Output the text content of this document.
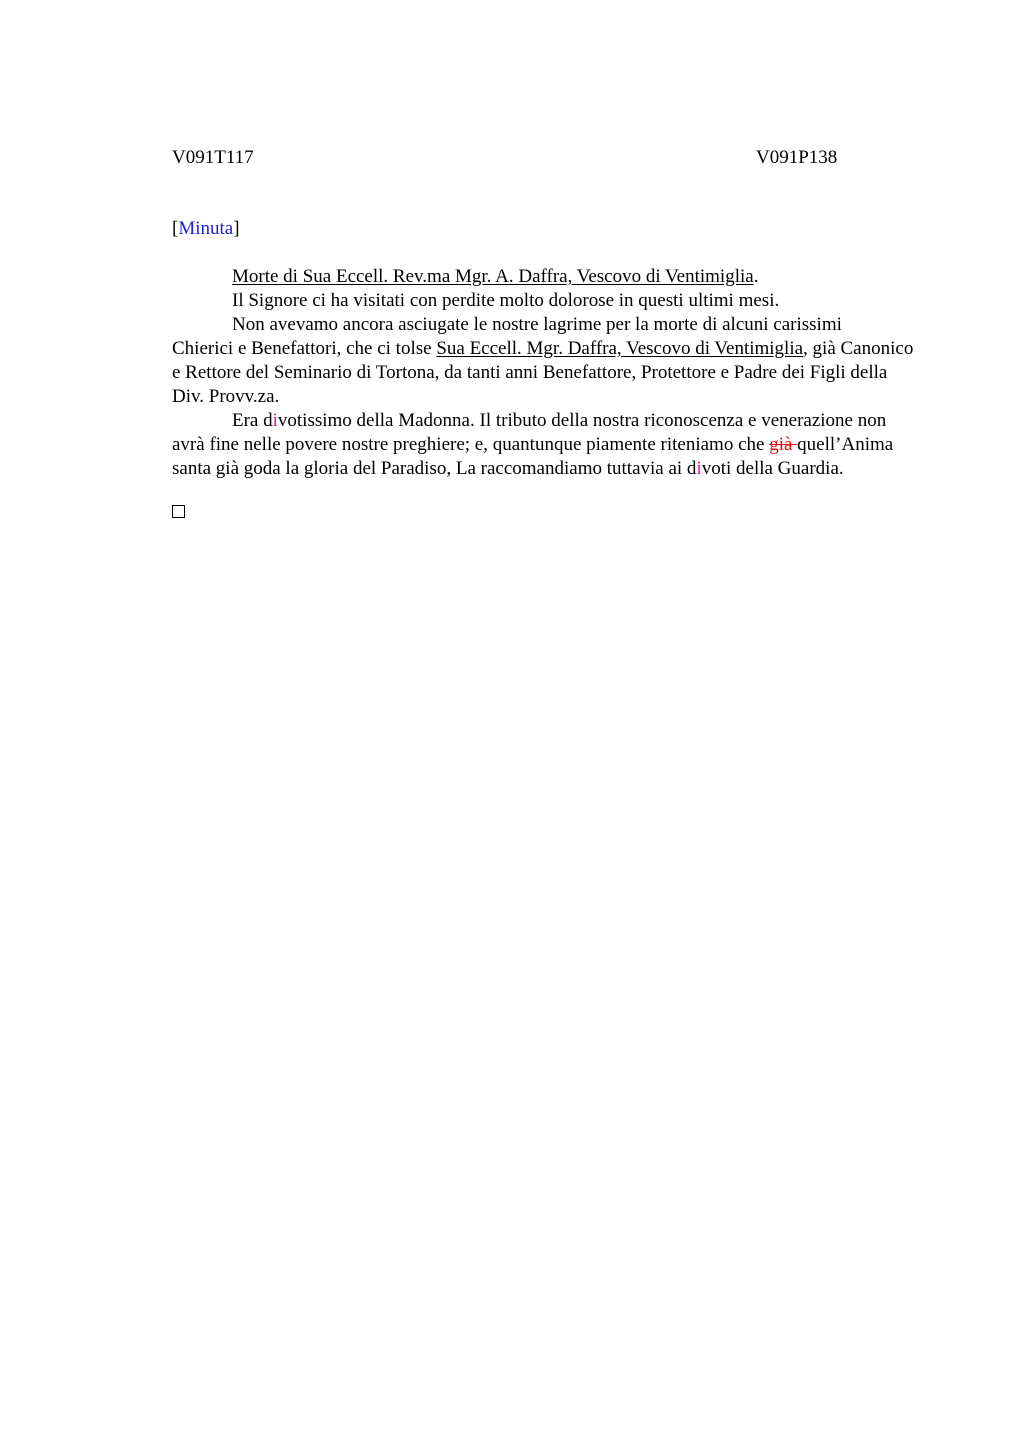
V091T117	V091P138
[Minuta]

Morte di Sua Eccell. Rev.ma Mgr. A. Daffra, Vescovo di Ventimiglia.

Il Signore ci ha visitati con perdite molto dolorose in questi ultimi mesi.

Non avevamo ancora asciugate le nostre lagrime per la morte di alcuni carissimi
Chierici e Benefattori, che ci tolse Sua Eccell. Mgr. Daffra, Vescovo di Ventimiglia, già Canonico e Rettore del Seminario di Tortona, da tanti anni Benefattore, Protettore e Padre dei Figli della Div. Provv.za.

Era divotissimo della Madonna. Il tributo della nostra riconoscenza e venerazione non avrà fine nelle povere nostre preghiere; e, quantunque piamente riteniamo che già quell’Anima santa già goda la gloria del Paradiso, La raccomandiamo tuttavia ai divoti della Guardia.
